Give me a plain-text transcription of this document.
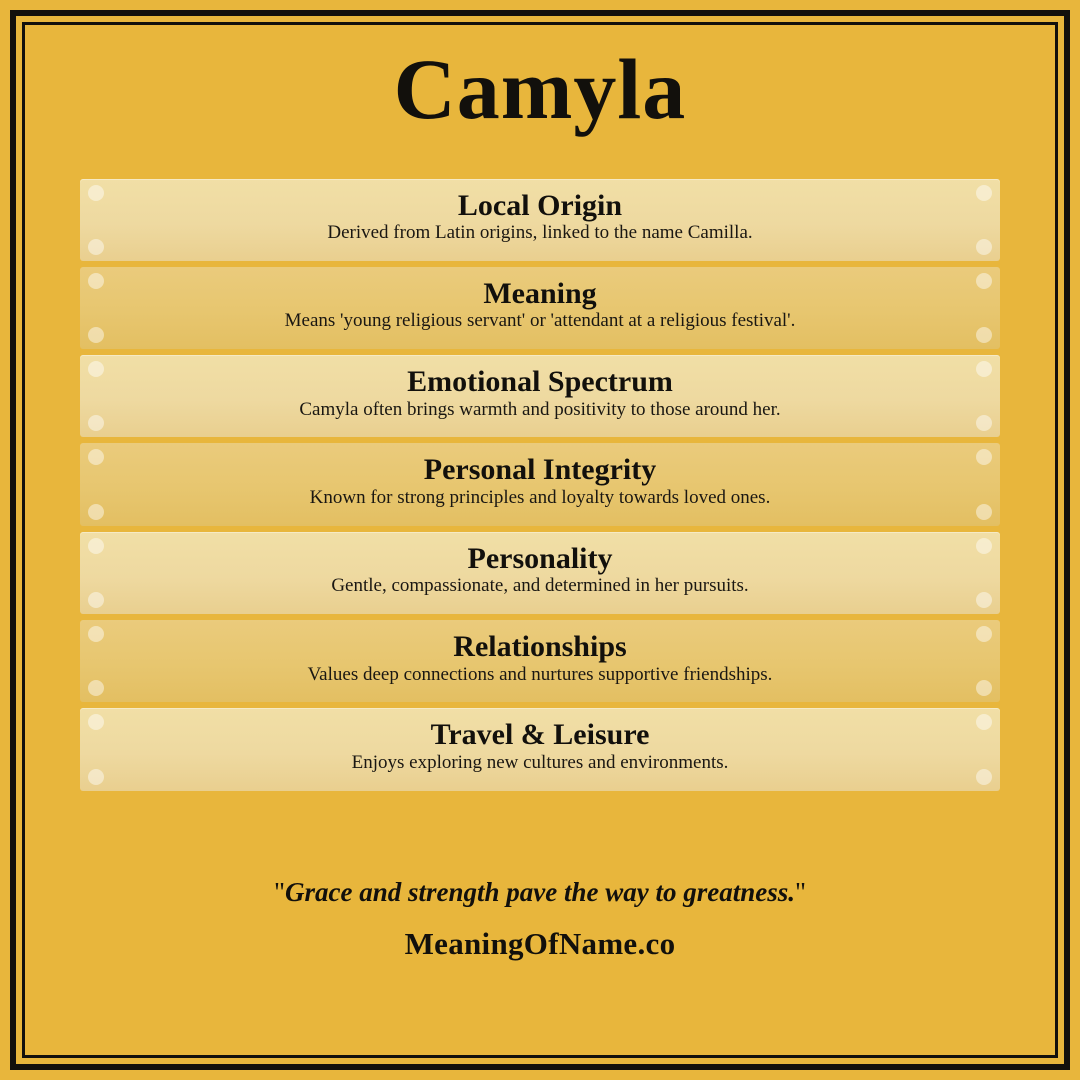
Camyla
Local Origin
Derived from Latin origins, linked to the name Camilla.
Meaning
Means 'young religious servant' or 'attendant at a religious festival'.
Emotional Spectrum
Camyla often brings warmth and positivity to those around her.
Personal Integrity
Known for strong principles and loyalty towards loved ones.
Personality
Gentle, compassionate, and determined in her pursuits.
Relationships
Values deep connections and nurtures supportive friendships.
Travel & Leisure
Enjoys exploring new cultures and environments.
"Grace and strength pave the way to greatness."
MeaningOfName.co
